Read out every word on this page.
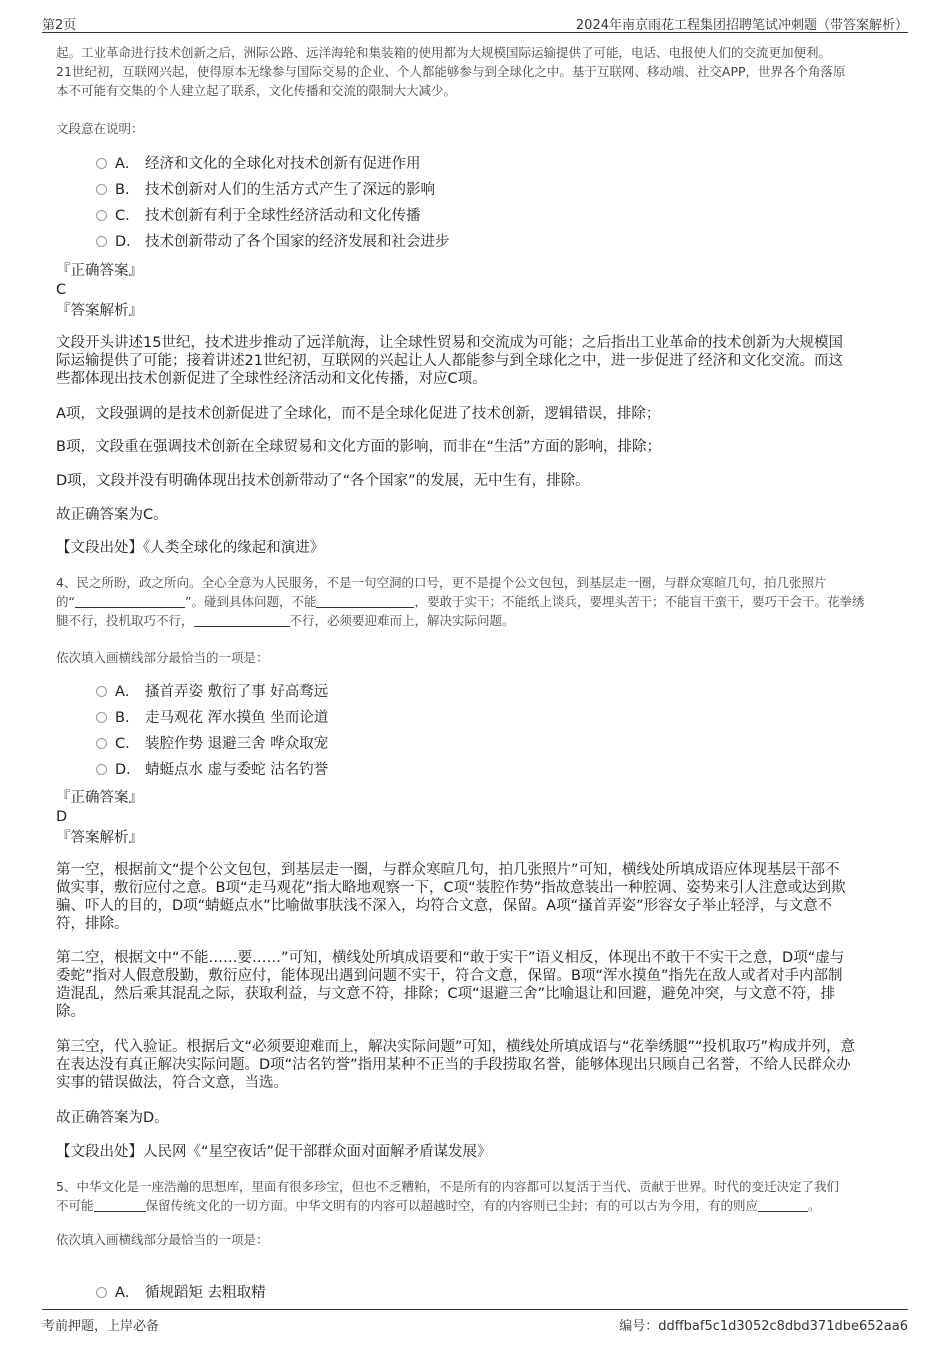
第2页	2024年南京雨花工程集团招聘笔试冲刺题（带答案解析）
起。工业革命进行技术创新之后，洲际公路、远洋海轮和集装箱的使用都为大规模国际运输提供了可能，电话、电报使人们的交流更加便利。
21世纪初，互联网兴起，使得原本无缘参与国际交易的企业、个人都能够参与到全球化之中。基于互联网、移动端、社交APP，世界各个角落原
本不可能有交集的个人建立起了联系，文化传播和交流的限制大大减少。
文段意在说明：
A． 经济和文化的全球化对技术创新有促进作用
B． 技术创新对人们的生活方式产生了深远的影响
C． 技术创新有利于全球性经济活动和文化传播
D． 技术创新带动了各个国家的经济发展和社会进步
『正确答案』
C
『答案解析』
文段开头讲述15世纪，技术进步推动了远洋航海，让全球性贸易和交流成为可能；之后指出工业革命的技术创新为大规模国
际运输提供了可能；接着讲述21世纪初，互联网的兴起让人人都能参与到全球化之中，进一步促进了经济和文化交流。而这
些都体现出技术创新促进了全球性经济活动和文化传播，对应C项。
A项，文段强调的是技术创新促进了全球化，而不是全球化促进了技术创新，逻辑错误，排除；
B项，文段重在强调技术创新在全球贸易和文化方面的影响，而非在“生活”方面的影响，排除；
D项，文段并没有明确体现出技术创新带动了“各个国家”的发展，无中生有，排除。
故正确答案为C。
【文段出处】《人类全球化的缘起和演进》
4、民之所盼，政之所向。全心全意为人民服务，不是一句空洞的口号，更不是提个公文包包，到基层走一圈，与群众寒暄几句，拍几张照片
的“	”。碰到具体问题，不能	，要敢于实干；不能纸上谈兵，要埋头苦干；不能盲干蛮干，要巧干会干。花拳绣
腿不行，投机取巧不行，	不行，必须要迎难而上，解决实际问题。
依次填入画横线部分最恰当的一项是：
A． 搔首弄姿 敷衍了事 好高骛远
B． 走马观花 浑水摸鱼 坐而论道
C． 装腔作势 退避三舍 哗众取宠
D． 蜻蜓点水 虚与委蛇 沽名钓誉
『正确答案』
D
『答案解析』
第一空，根据前文“提个公文包包，到基层走一圈，与群众寒暄几句，拍几张照片”可知，横线处所填成语应体现基层干部不
做实事，敷衍应付之意。B项“走马观花”指大略地观察一下，C项“装腔作势”指故意装出一种腔调、姿势来引人注意或达到欺
骗、吓人的目的，D项“蜻蜓点水”比喻做事肤浅不深入，均符合文意，保留。A项“搔首弄姿”形容女子举止轻浮，与文意不
符，排除。
第二空，根据文中“不能……要……”可知，横线处所填成语要和“敢于实干”语义相反，体现出不敢干不实干之意，D项“虚与
委蛇”指对人假意殷勤，敷衍应付，能体现出遇到问题不实干，符合文意，保留。B项“浑水摸鱼”指先在敌人或者对手内部制
造混乱，然后乘其混乱之际，获取利益，与文意不符，排除；C项“退避三舍”比喻退让和回避，避免冲突，与文意不符，排
除。
第三空，代入验证。根据后文“必须要迎难而上，解决实际问题”可知，横线处所填成语与“花拳绣腿”“投机取巧”构成并列，意
在表达没有真正解决实际问题。D项“沽名钓誉”指用某种不正当的手段捞取名誉，能够体现出只顾自己名誉，不给人民群众办
实事的错误做法，符合文意，当选。
故正确答案为D。
【文段出处】人民网《“星空夜话”促干部群众面对面解矛盾谋发展》
5、中华文化是一座浩瀚的思想库，里面有很多珍宝，但也不乏糟粕，不是所有的内容都可以复活于当代、贡献于世界。时代的变迁决定了我们
不可能	保留传统文化的一切方面。中华文明有的内容可以超越时空，有的内容则已尘封；有的可以古为今用，有的则应	。
依次填入画横线部分最恰当的一项是：
A． 循规蹈矩 去粗取精
考前押题，上岸必备	编号：ddffbaf5c1d3052c8dbd371dbe652aa6
